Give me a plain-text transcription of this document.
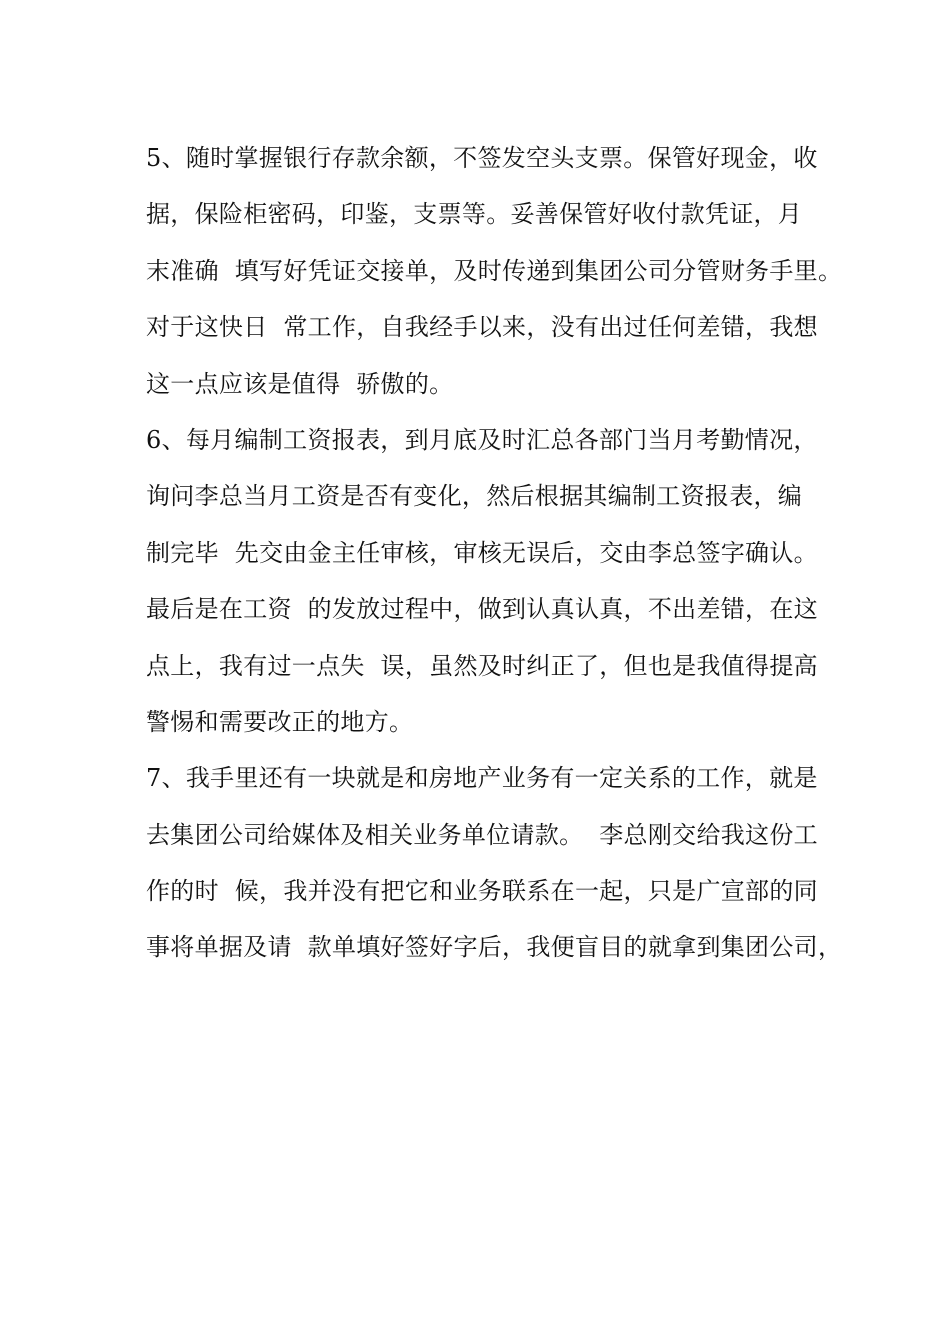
5、随时掌握银行存款余额，不签发空头支票。保管好现金，收
据，保险柜密码，印鉴，支票等。妥善保管好收付款凭证，月
末准确  填写好凭证交接单，及时传递到集团公司分管财务手里。
对于这快日  常工作，自我经手以来，没有出过任何差错，我想
这一点应该是值得  骄傲的。
6、每月编制工资报表，到月底及时汇总各部门当月考勤情况，
询问李总当月工资是否有变化，然后根据其编制工资报表，编
制完毕  先交由金主任审核，审核无误后，交由李总签字确认。
最后是在工资  的发放过程中，做到认真认真，不出差错，在这
点上，我有过一点失  误，虽然及时纠正了，但也是我值得提高
警惕和需要改正的地方。
7、我手里还有一块就是和房地产业务有一定关系的工作，就是
去集团公司给媒体及相关业务单位请款。  李总刚交给我这份工
作的时  候，我并没有把它和业务联系在一起，只是广宣部的同
事将单据及请  款单填好签好字后，我便盲目的就拿到集团公司，
